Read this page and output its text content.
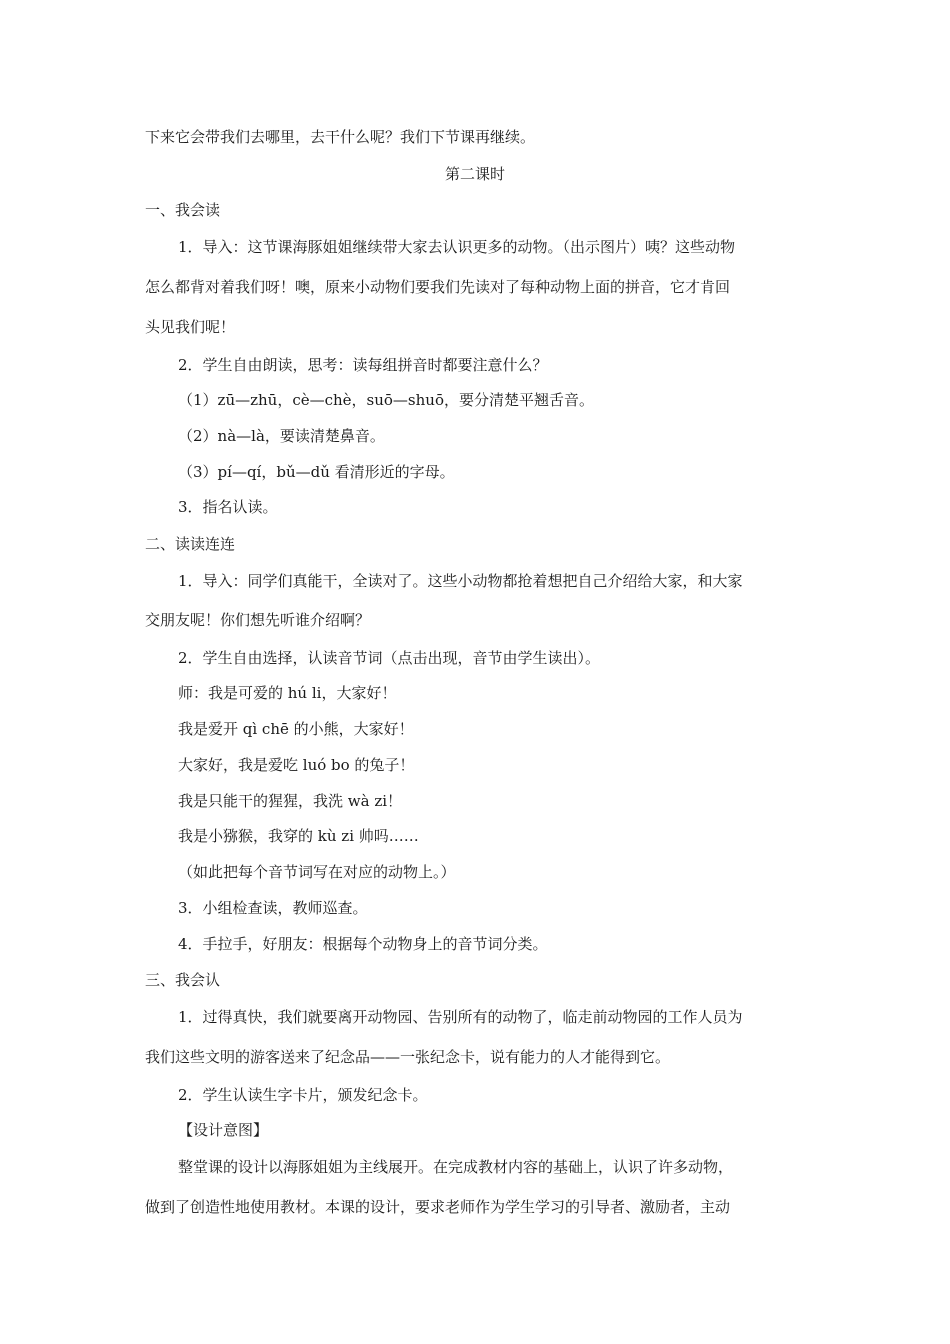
下来它会带我们去哪里，去干什么呢？我们下节课再继续。
第二课时
一、我会读
1．导入：这节课海豚姐姐继续带大家去认识更多的动物。（出示图片）咦？这些动物
怎么都背对着我们呀！噢，原来小动物们要我们先读对了每种动物上面的拼音，它才肯回
头见我们呢！
2．学生自由朗读，思考：读每组拼音时都要注意什么？
（1）zū—zhū，cè—chè，suō—shuō，要分清楚平翘舌音。
（2）nà—là，要读清楚鼻音。
（3）pí—qí，bǔ—dǔ 看清形近的字母。
3．指名认读。
二、读读连连
1．导入：同学们真能干，全读对了。这些小动物都抢着想把自己介绍给大家，和大家
交朋友呢！你们想先听谁介绍啊？
2．学生自由选择，认读音节词（点击出现，音节由学生读出）。
师：我是可爱的 hú li，大家好！
我是爱开 qì chē 的小熊，大家好！
大家好，我是爱吃 luó bo 的兔子！
我是只能干的猩猩，我洗 wà zi！
我是小猕猴，我穿的 kù zi 帅吗……
（如此把每个音节词写在对应的动物上。）
3．小组检查读，教师巡查。
4．手拉手，好朋友：根据每个动物身上的音节词分类。
三、我会认
1．过得真快，我们就要离开动物园、告别所有的动物了，临走前动物园的工作人员为
我们这些文明的游客送来了纪念品——一张纪念卡，说有能力的人才能得到它。
2．学生认读生字卡片，颁发纪念卡。
【设计意图】
整堂课的设计以海豚姐姐为主线展开。在完成教材内容的基础上，认识了许多动物，
做到了创造性地使用教材。本课的设计，要求老师作为学生学习的引导者、激励者，主动
